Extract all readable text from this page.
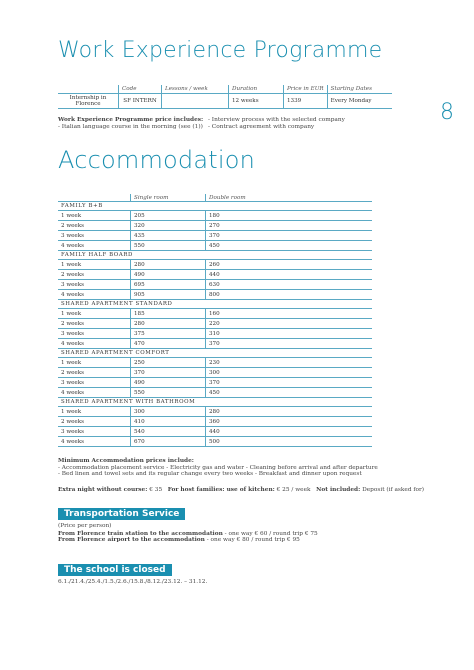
Work Experience Programme
8
	Code	Lessons / week	Duration	Price in EUR	Starting Dates
Internship in Florence	SF INTERN		12 weeks	1339	Every Monday
Work Experience Programme price includes:
- Italian language course in the morning (see (1))
- Interview process with the selected company
- Contract agreement with company
Accommodation
	Single room	Double room
FAMILY B+B		
1 week	205	180
2 weeks	320	270
3 weeks	435	370
4 weeks	550	450
FAMILY HALF BOARD		
1 week	280	260
2 weeks	490	440
3 weeks	695	630
4 weeks	905	800
SHARED APARTMENT STANDARD		
1 week	185	160
2 weeks	280	220
3 weeks	375	310
4 weeks	470	370
SHARED APARTMENT COMFORT		
1 week	250	230
2 weeks	370	300
3 weeks	490	370
4 weeks	550	450
SHARED APARTMENT WITH BATHROOM		
1 week	300	280
2 weeks	410	360
3 weeks	540	440
4 weeks	670	500
Minimum Accommodation prices include:
- Accommodation placement service - Electricity gas and water - Cleaning before arrival and after departure
- Bed linen and towel sets and its regular change every two weeks - Breakfast and dinner upon request
Extra night without course: € 35 For host families: use of kitchen: € 25 / week Not included: Deposit (if asked for)
Transportation Service
(Price per person)
From Florence train station to the accommodation - one way € 60 / round trip € 75
From Florence airport to the accommodation - one way € 80 / round trip € 95
The school is closed
6.1./21.4./25.4./1.5./2.6./15.8./8.12./23.12. – 31.12.
